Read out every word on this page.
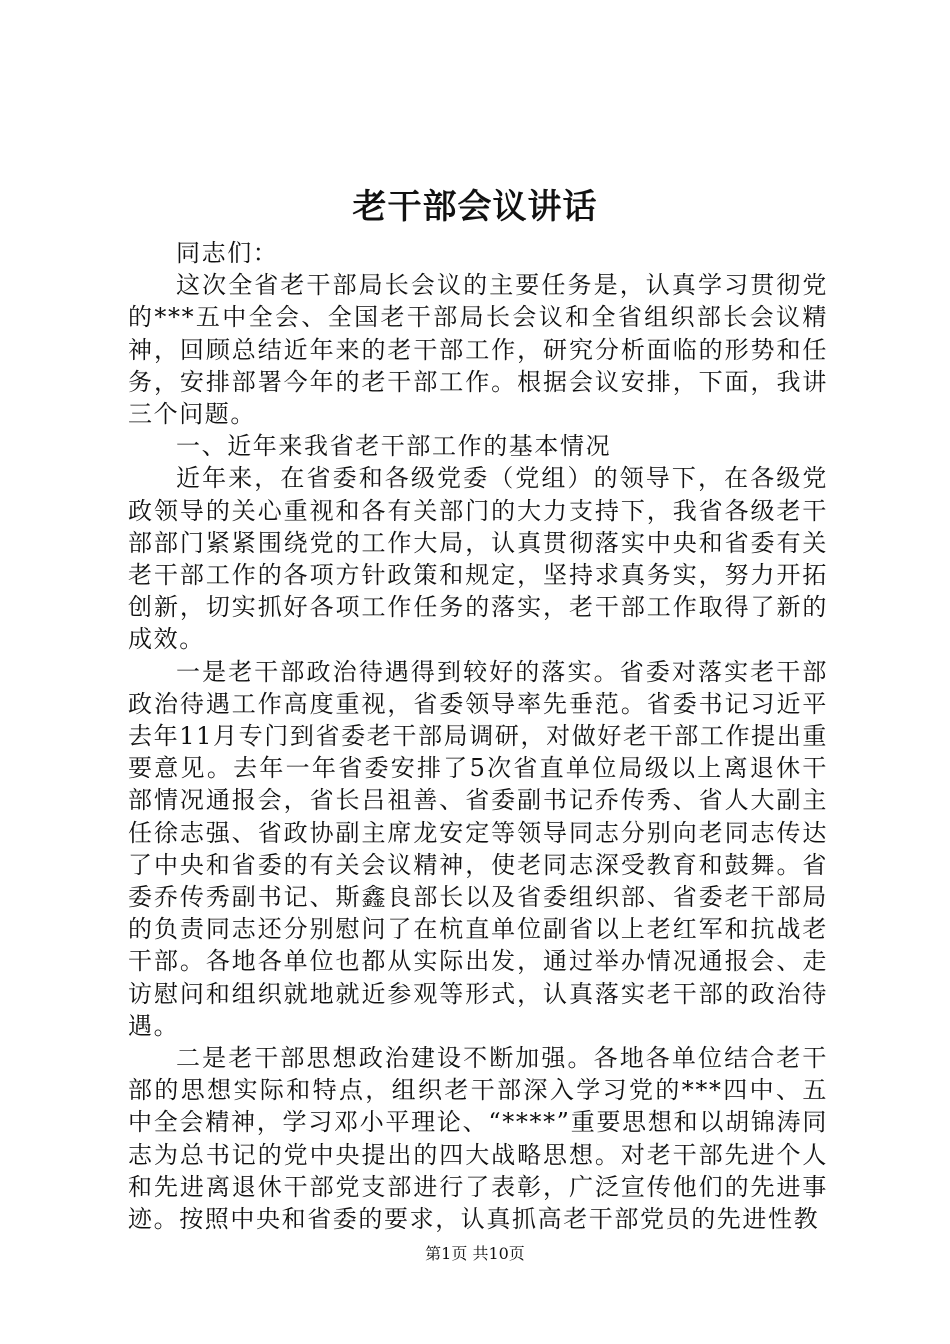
老干部会议讲话

同志们：

这次全省老干部局长会议的主要任务是，认真学习贯彻党的***五中全会、全国老干部局长会议和全省组织部长会议精神，回顾总结近年来的老干部工作，研究分析面临的形势和任务，安排部署今年的老干部工作。根据会议安排，下面，我讲三个问题。

一、近年来我省老干部工作的基本情况

近年来，在省委和各级党委（党组）的领导下，在各级党政领导的关心重视和各有关部门的大力支持下，我省各级老干部部门紧紧围绕党的工作大局，认真贯彻落实中央和省委有关老干部工作的各项方针政策和规定，坚持求真务实，努力开拓创新，切实抓好各项工作任务的落实，老干部工作取得了新的成效。

一是老干部政治待遇得到较好的落实。省委对落实老干部政治待遇工作高度重视，省委领导率先垂范。省委书记习近平去年11月专门到省委老干部局调研，对做好老干部工作提出重要意见。去年一年省委安排了5次省直单位局级以上离退休干部情况通报会，省长吕祖善、省委副书记乔传秀、省人大副主任徐志强、省政协副主席龙安定等领导同志分别向老同志传达了中央和省委的有关会议精神，使老同志深受教育和鼓舞。省委乔传秀副书记、斯鑫良部长以及省委组织部、省委老干部局的负责同志还分别慰问了在杭直单位副省以上老红军和抗战老干部。各地各单位也都从实际出发，通过举办情况通报会、走访慰问和组织就地就近参观等形式，认真落实老干部的政治待遇。

二是老干部思想政治建设不断加强。各地各单位结合老干部的思想实际和特点，组织老干部深入学习党的***四中、五中全会精神，学习邓小平理论、“****”重要思想和以胡锦涛同志为总书记的党中央提出的四大战略思想。对老干部先进个人和先进离退休干部党支部进行了表彰，广泛宣传他们的先进事迹。按照中央和省委的要求，认真抓高老干部党员的先进性教

第1页 共10页
